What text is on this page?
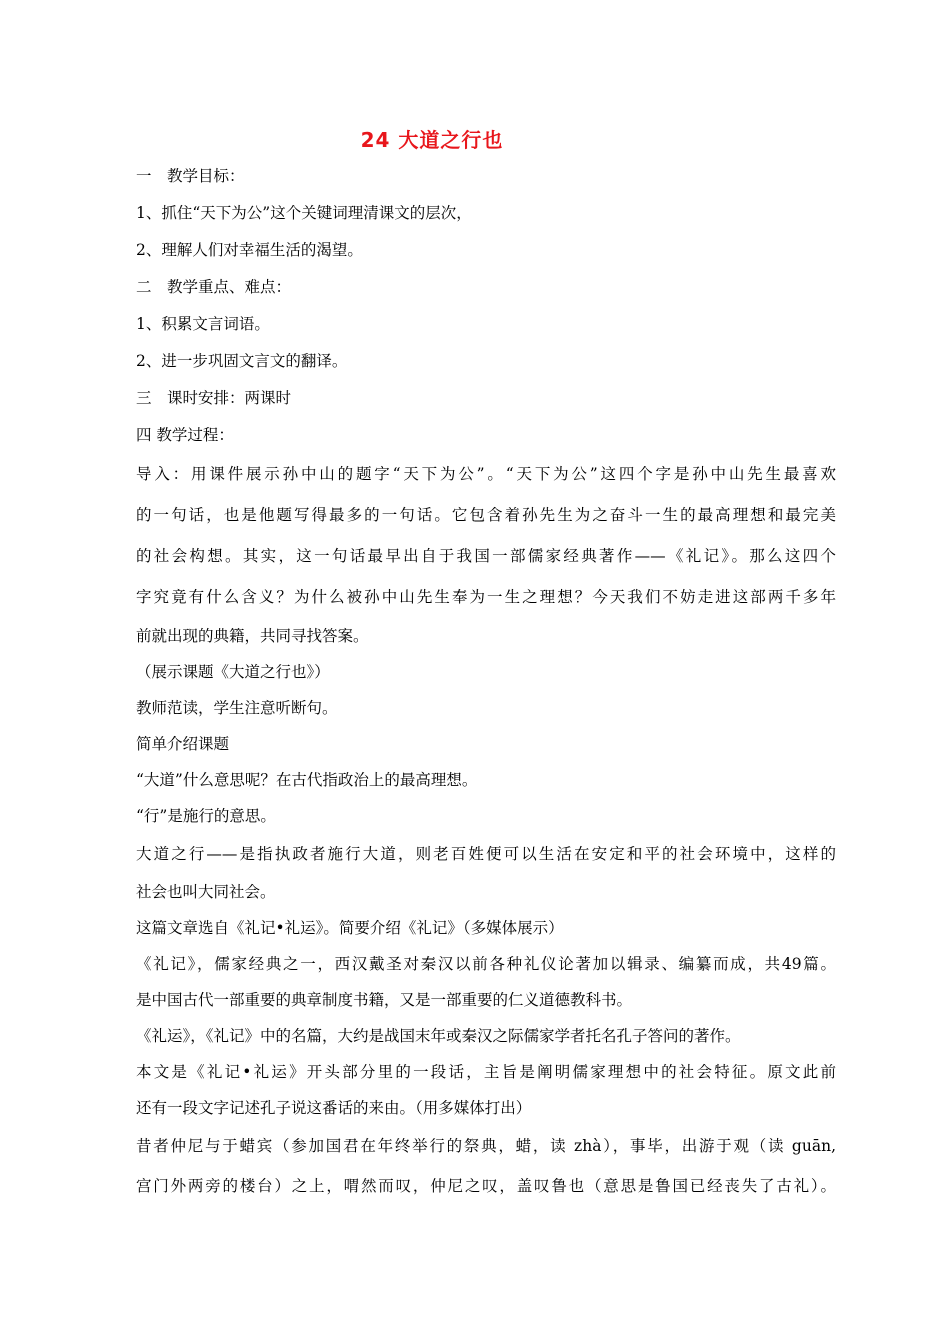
24 大道之行也
一　教学目标：
1、抓住“天下为公”这个关键词理清课文的层次，
2、理解人们对幸福生活的渴望。
二　教学重点、难点：
1、积累文言词语。
2、进一步巩固文言文的翻译。
三　课时安排：两课时
四 教学过程：
导入：用课件展示孙中山的题字“天下为公”。“天下为公”这四个字是孙中山先生最喜欢
的一句话，也是他题写得最多的一句话。它包含着孙先生为之奋斗一生的最高理想和最完美
的社会构想。其实，这一句话最早出自于我国一部儒家经典著作——《礼记》。那么这四个
字究竟有什么含义？为什么被孙中山先生奉为一生之理想？今天我们不妨走进这部两千多年
前就出现的典籍，共同寻找答案。
（展示课题《大道之行也》）
教师范读，学生注意听断句。
简单介绍课题
“大道”什么意思呢？在古代指政治上的最高理想。
“行”是施行的意思。
大道之行——是指执政者施行大道，则老百姓便可以生活在安定和平的社会环境中，这样的
社会也叫大同社会。
这篇文章选自《礼记•礼运》。简要介绍《礼记》（多媒体展示）
《礼记》，儒家经典之一，西汉戴圣对秦汉以前各种礼仪论著加以辑录、编纂而成，共49篇。
是中国古代一部重要的典章制度书籍，又是一部重要的仁义道德教科书。
《礼运》，《礼记》中的名篇，大约是战国末年或秦汉之际儒家学者托名孔子答问的著作。
本文是《礼记•礼运》开头部分里的一段话，主旨是阐明儒家理想中的社会特征。原文此前
还有一段文字记述孔子说这番话的来由。（用多媒体打出）
昔者仲尼与于蜡宾（参加国君在年终举行的祭典，蜡，读 zhà），事毕，出游于观（读 guān,
宫门外两旁的楼台）之上，喟然而叹，仲尼之叹，盖叹鲁也（意思是鲁国已经丧失了古礼）。
